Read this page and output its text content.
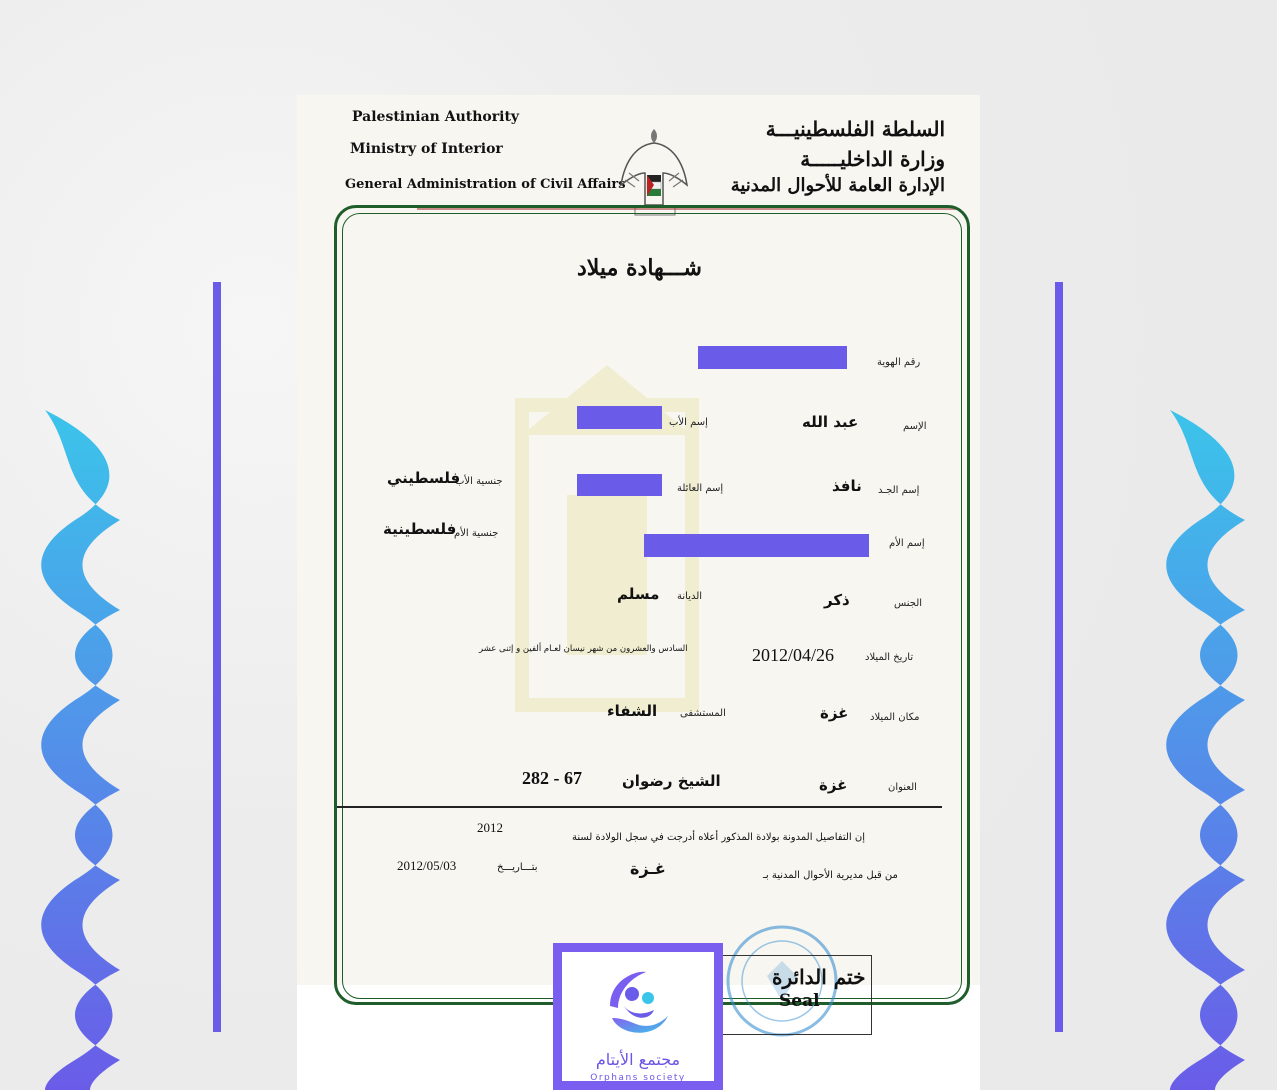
Palestinian Authority
Ministry of Interior
General Administration of Civil Affairs
السلطة الفلسطينيـــة
وزارة الداخليـــــة
الإدارة العامة للأحوال المدنية
شـــهادة ميلاد
رقم الهوية
الإسم
عبد الله
إسم الأب
إسم الجـد
نافذ
إسم العائلة
جنسية الأب
فلسطيني
إسم الأم
جنسية الأم
فلسطينية
الجنس
ذكر
الديانة
مسلم
تاريخ الميلاد
2012/04/26
السادس والعشرون من شهر نيسان لعـام ألفين و إثنى عشر
مكان الميلاد
غزة
المستشفى
الشفاء
العنوان
غزة
الشيخ رضوان
282 - 67
إن التفاصيل المدونة بولادة المذكور أعلاه أدرجت في سجل الولادة لسنة
2012
من قبل مديرية الأحوال المدنية بـ
غـزة
بتـــاريـــخ
2012/05/03
ختم الدائرة
Seal
مجتمع الأيتام
Orphans society
